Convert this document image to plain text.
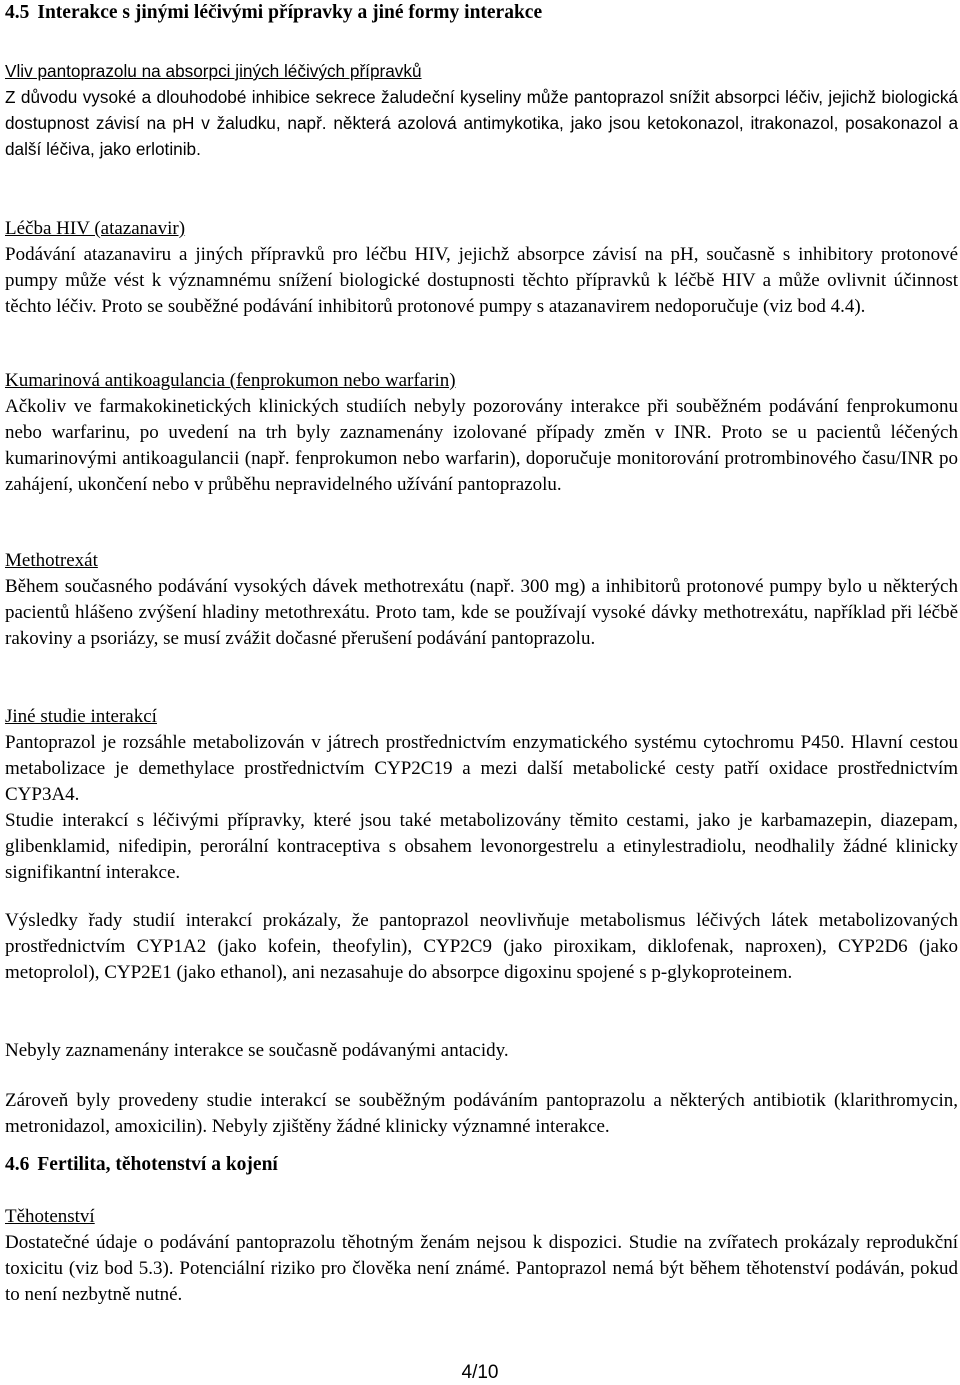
4.5 Interakce s jinými léčivými přípravky a jiné formy interakce
Vliv pantoprazolu na absorpci jiných léčivých přípravků

Z důvodu vysoké a dlouhodobé inhibice sekrece žaludeční kyseliny může pantoprazol snížit absorpci léčiv, jejichž biologická dostupnost závisí na pH v žaludku, např. některá azolová antimykotika, jako jsou ketokonazol, itrakonazol, posakonazol a další léčiva, jako erlotinib.

Léčba HIV (atazanavir)

Podávání atazanaviru a jiných přípravků pro léčbu HIV, jejichž absorpce závisí na pH, současně s inhibitory protonové pumpy může vést k významnému snížení biologické dostupnosti těchto přípravků k léčbě HIV a může ovlivnit účinnost těchto léčiv. Proto se souběžné podávání inhibitorů protonové pumpy s atazanavirem nedoporučuje (viz bod 4.4).

Kumarinová antikoagulancia (fenprokumon nebo warfarin)

Ačkoliv ve farmakokinetických klinických studiích nebyly pozorovány interakce při souběžném podávání fenprokumonu nebo warfarinu, po uvedení na trh byly zaznamenány izolované případy změn v INR. Proto se u pacientů léčených kumarinovými antikoagulancii (např. fenprokumon nebo warfarin), doporučuje monitorování protrombinového času/INR po zahájení, ukončení nebo v průběhu nepravidelného užívání pantoprazolu.

Methotrexát

Během současného podávání vysokých dávek methotrexátu (např. 300 mg) a inhibitorů protonové pumpy bylo u některých pacientů hlášeno zvýšení hladiny metothrexátu. Proto tam, kde se používají vysoké dávky methotrexátu, například při léčbě rakoviny a psoriázy, se musí zvážit dočasné přerušení podávání pantoprazolu.

Jiné studie interakcí

Pantoprazol je rozsáhle metabolizován v játrech prostřednictvím enzymatického systému cytochromu P450. Hlavní cestou metabolizace je demethylace prostřednictvím CYP2C19 a mezi další metabolické cesty patří oxidace prostřednictvím CYP3A4.

Studie interakcí s léčivými přípravky, které jsou také metabolizovány těmito cestami, jako je karbamazepin, diazepam, glibenklamid, nifedipin, perorální kontraceptiva s obsahem levonorgestrelu a etinylestradiolu, neodhalily žádné klinicky signifikantní interakce.

Výsledky řady studií interakcí prokázaly, že pantoprazol neovlivňuje metabolismus léčivých látek metabolizovaných prostřednictvím CYP1A2 (jako kofein, theofylin), CYP2C9 (jako piroxikam, diklofenak, naproxen), CYP2D6 (jako metoprolol), CYP2E1 (jako ethanol), ani nezasahuje do absorpce digoxinu spojené s p-glykoproteinem.

Nebyly zaznamenány interakce se současně podávanými antacidy.

Zároveň byly provedeny studie interakcí se souběžným podáváním pantoprazolu a některých antibiotik (klarithromycin, metronidazol, amoxicilin). Nebyly zjištěny žádné klinicky významné interakce.

4.6 Fertilita, těhotenství a kojení
Těhotenství

Dostatečné údaje o podávání pantoprazolu těhotným ženám nejsou k dispozici. Studie na zvířatech prokázaly reprodukční toxicitu (viz bod 5.3). Potenciální riziko pro člověka není známé. Pantoprazol nemá být během těhotenství podáván, pokud to není nezbytně nutné.

4/10
